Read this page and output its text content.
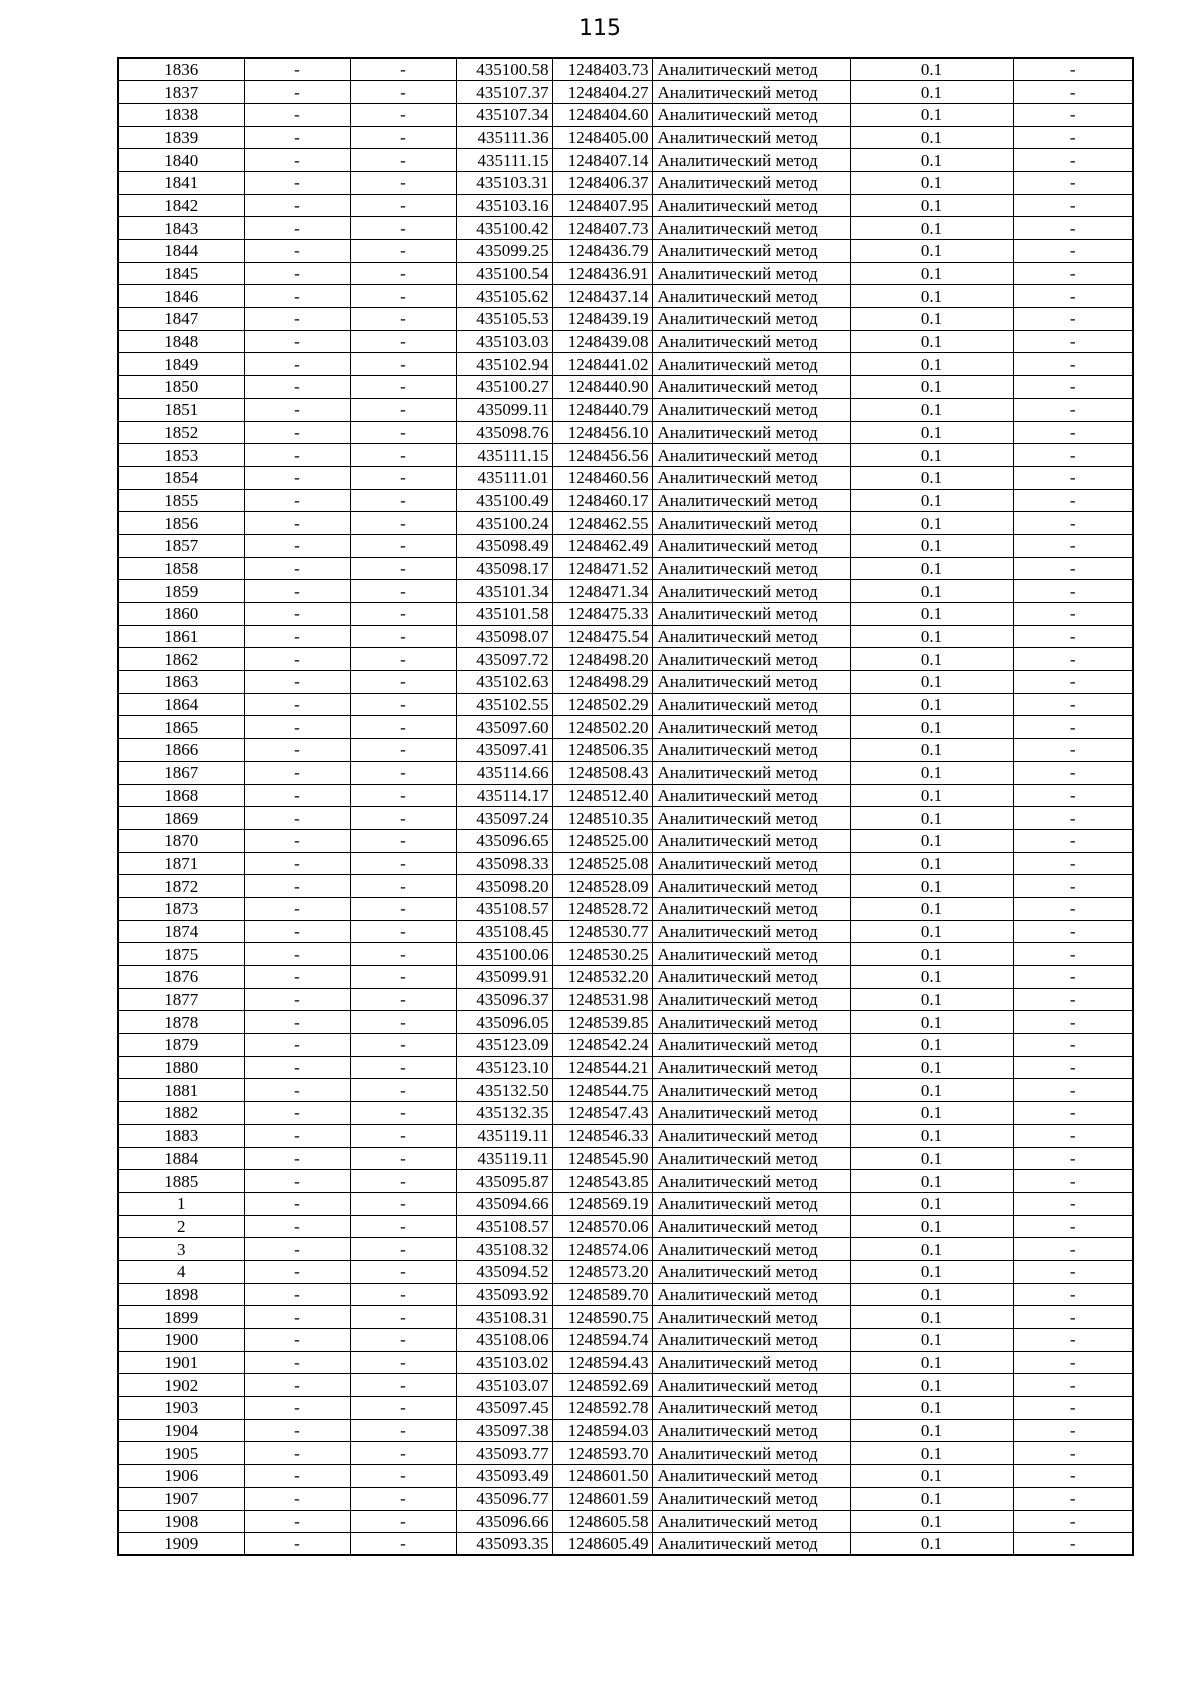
115
1836	-	-	435100.58	1248403.73	Аналитический метод	0.1	-
1837	-	-	435107.37	1248404.27	Аналитический метод	0.1	-
1838	-	-	435107.34	1248404.60	Аналитический метод	0.1	-
1839	-	-	435111.36	1248405.00	Аналитический метод	0.1	-
1840	-	-	435111.15	1248407.14	Аналитический метод	0.1	-
1841	-	-	435103.31	1248406.37	Аналитический метод	0.1	-
1842	-	-	435103.16	1248407.95	Аналитический метод	0.1	-
1843	-	-	435100.42	1248407.73	Аналитический метод	0.1	-
1844	-	-	435099.25	1248436.79	Аналитический метод	0.1	-
1845	-	-	435100.54	1248436.91	Аналитический метод	0.1	-
1846	-	-	435105.62	1248437.14	Аналитический метод	0.1	-
1847	-	-	435105.53	1248439.19	Аналитический метод	0.1	-
1848	-	-	435103.03	1248439.08	Аналитический метод	0.1	-
1849	-	-	435102.94	1248441.02	Аналитический метод	0.1	-
1850	-	-	435100.27	1248440.90	Аналитический метод	0.1	-
1851	-	-	435099.11	1248440.79	Аналитический метод	0.1	-
1852	-	-	435098.76	1248456.10	Аналитический метод	0.1	-
1853	-	-	435111.15	1248456.56	Аналитический метод	0.1	-
1854	-	-	435111.01	1248460.56	Аналитический метод	0.1	-
1855	-	-	435100.49	1248460.17	Аналитический метод	0.1	-
1856	-	-	435100.24	1248462.55	Аналитический метод	0.1	-
1857	-	-	435098.49	1248462.49	Аналитический метод	0.1	-
1858	-	-	435098.17	1248471.52	Аналитический метод	0.1	-
1859	-	-	435101.34	1248471.34	Аналитический метод	0.1	-
1860	-	-	435101.58	1248475.33	Аналитический метод	0.1	-
1861	-	-	435098.07	1248475.54	Аналитический метод	0.1	-
1862	-	-	435097.72	1248498.20	Аналитический метод	0.1	-
1863	-	-	435102.63	1248498.29	Аналитический метод	0.1	-
1864	-	-	435102.55	1248502.29	Аналитический метод	0.1	-
1865	-	-	435097.60	1248502.20	Аналитический метод	0.1	-
1866	-	-	435097.41	1248506.35	Аналитический метод	0.1	-
1867	-	-	435114.66	1248508.43	Аналитический метод	0.1	-
1868	-	-	435114.17	1248512.40	Аналитический метод	0.1	-
1869	-	-	435097.24	1248510.35	Аналитический метод	0.1	-
1870	-	-	435096.65	1248525.00	Аналитический метод	0.1	-
1871	-	-	435098.33	1248525.08	Аналитический метод	0.1	-
1872	-	-	435098.20	1248528.09	Аналитический метод	0.1	-
1873	-	-	435108.57	1248528.72	Аналитический метод	0.1	-
1874	-	-	435108.45	1248530.77	Аналитический метод	0.1	-
1875	-	-	435100.06	1248530.25	Аналитический метод	0.1	-
1876	-	-	435099.91	1248532.20	Аналитический метод	0.1	-
1877	-	-	435096.37	1248531.98	Аналитический метод	0.1	-
1878	-	-	435096.05	1248539.85	Аналитический метод	0.1	-
1879	-	-	435123.09	1248542.24	Аналитический метод	0.1	-
1880	-	-	435123.10	1248544.21	Аналитический метод	0.1	-
1881	-	-	435132.50	1248544.75	Аналитический метод	0.1	-
1882	-	-	435132.35	1248547.43	Аналитический метод	0.1	-
1883	-	-	435119.11	1248546.33	Аналитический метод	0.1	-
1884	-	-	435119.11	1248545.90	Аналитический метод	0.1	-
1885	-	-	435095.87	1248543.85	Аналитический метод	0.1	-
1	-	-	435094.66	1248569.19	Аналитический метод	0.1	-
2	-	-	435108.57	1248570.06	Аналитический метод	0.1	-
3	-	-	435108.32	1248574.06	Аналитический метод	0.1	-
4	-	-	435094.52	1248573.20	Аналитический метод	0.1	-
1898	-	-	435093.92	1248589.70	Аналитический метод	0.1	-
1899	-	-	435108.31	1248590.75	Аналитический метод	0.1	-
1900	-	-	435108.06	1248594.74	Аналитический метод	0.1	-
1901	-	-	435103.02	1248594.43	Аналитический метод	0.1	-
1902	-	-	435103.07	1248592.69	Аналитический метод	0.1	-
1903	-	-	435097.45	1248592.78	Аналитический метод	0.1	-
1904	-	-	435097.38	1248594.03	Аналитический метод	0.1	-
1905	-	-	435093.77	1248593.70	Аналитический метод	0.1	-
1906	-	-	435093.49	1248601.50	Аналитический метод	0.1	-
1907	-	-	435096.77	1248601.59	Аналитический метод	0.1	-
1908	-	-	435096.66	1248605.58	Аналитический метод	0.1	-
1909	-	-	435093.35	1248605.49	Аналитический метод	0.1	-
